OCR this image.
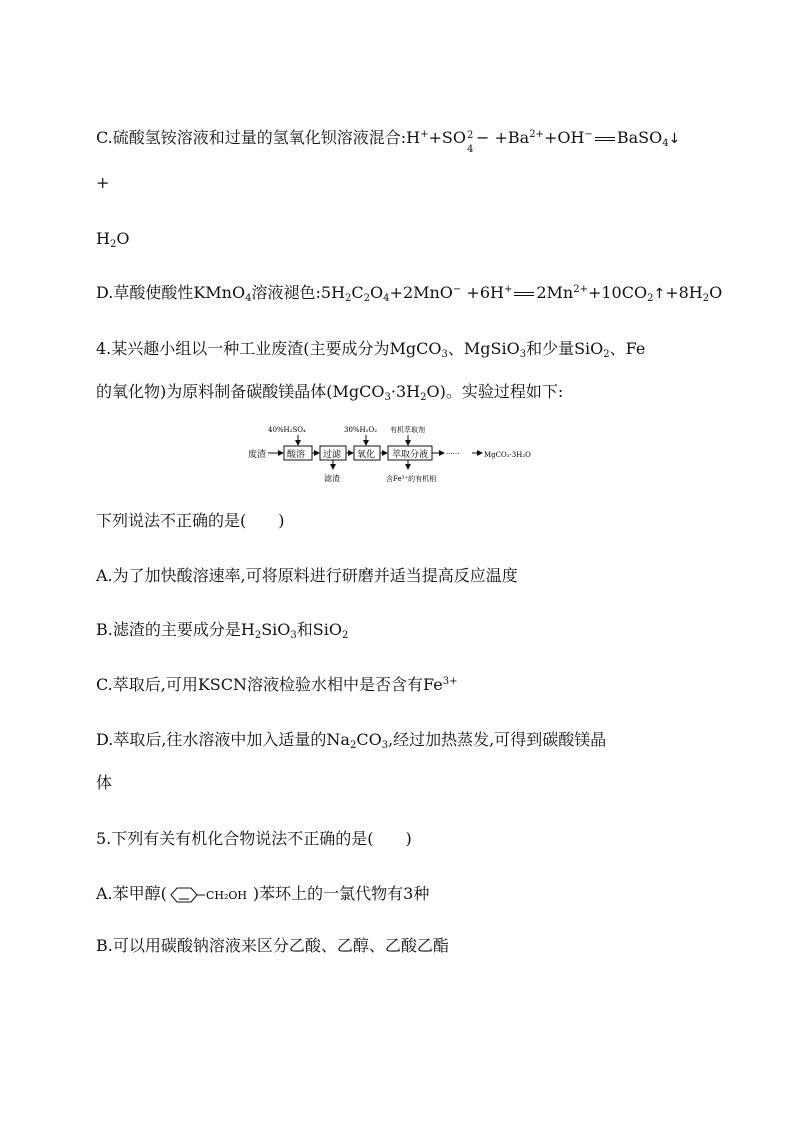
C.硫酸氢铵溶液和过量的氢氧化钡溶液混合:H++SO 2
4
− $+Ba^{2+}+OH^-$ BaSO$_4$↓
+
$H_2O$
D.草酸使酸性KMnO$_4$溶液褪色$:5H_2C_2O_4+2MnO^- +6H^+$ $2Mn^{2+}+10CO_2↑+8H_2O$
4.某兴趣小组以一种工业废渣(主要成分为MgCO$_3$、MgSiO$_3$和少量SiO$_2$、Fe
的氧化物)为原料制备碳酸镁晶体$(MgCO_3\cdot 3H_2O)$。实验过程如下:
废渣
40%H₂SO₄
酸溶 过滤
滤渣
30%H₂O₂
氧化
有机萃取剂
萃取分液
含Fe³⁺的有机相
······	MgCO₃·3H₂O
下列说法不正确的是(　　)
A.为了加快酸溶速率,可将原料进行研磨并适当提高反应温度
B.滤渣的主要成分是$H_2SiO_3$和SiO$_2$
C.萃取后,可用KSCN溶液检验水相中是否含有$Fe^{3+}$
D.萃取后,往水溶液中加入适量的$Na_2CO_3$,经过加热蒸发,可得到碳酸镁晶
体
5.下列有关有机化合物说法不正确的是(　　)
A.苯甲醇(	CH₂OH )苯环上的一氯代物有3种
B.可以用碳酸钠溶液来区分乙酸、乙醇、乙酸乙酯
